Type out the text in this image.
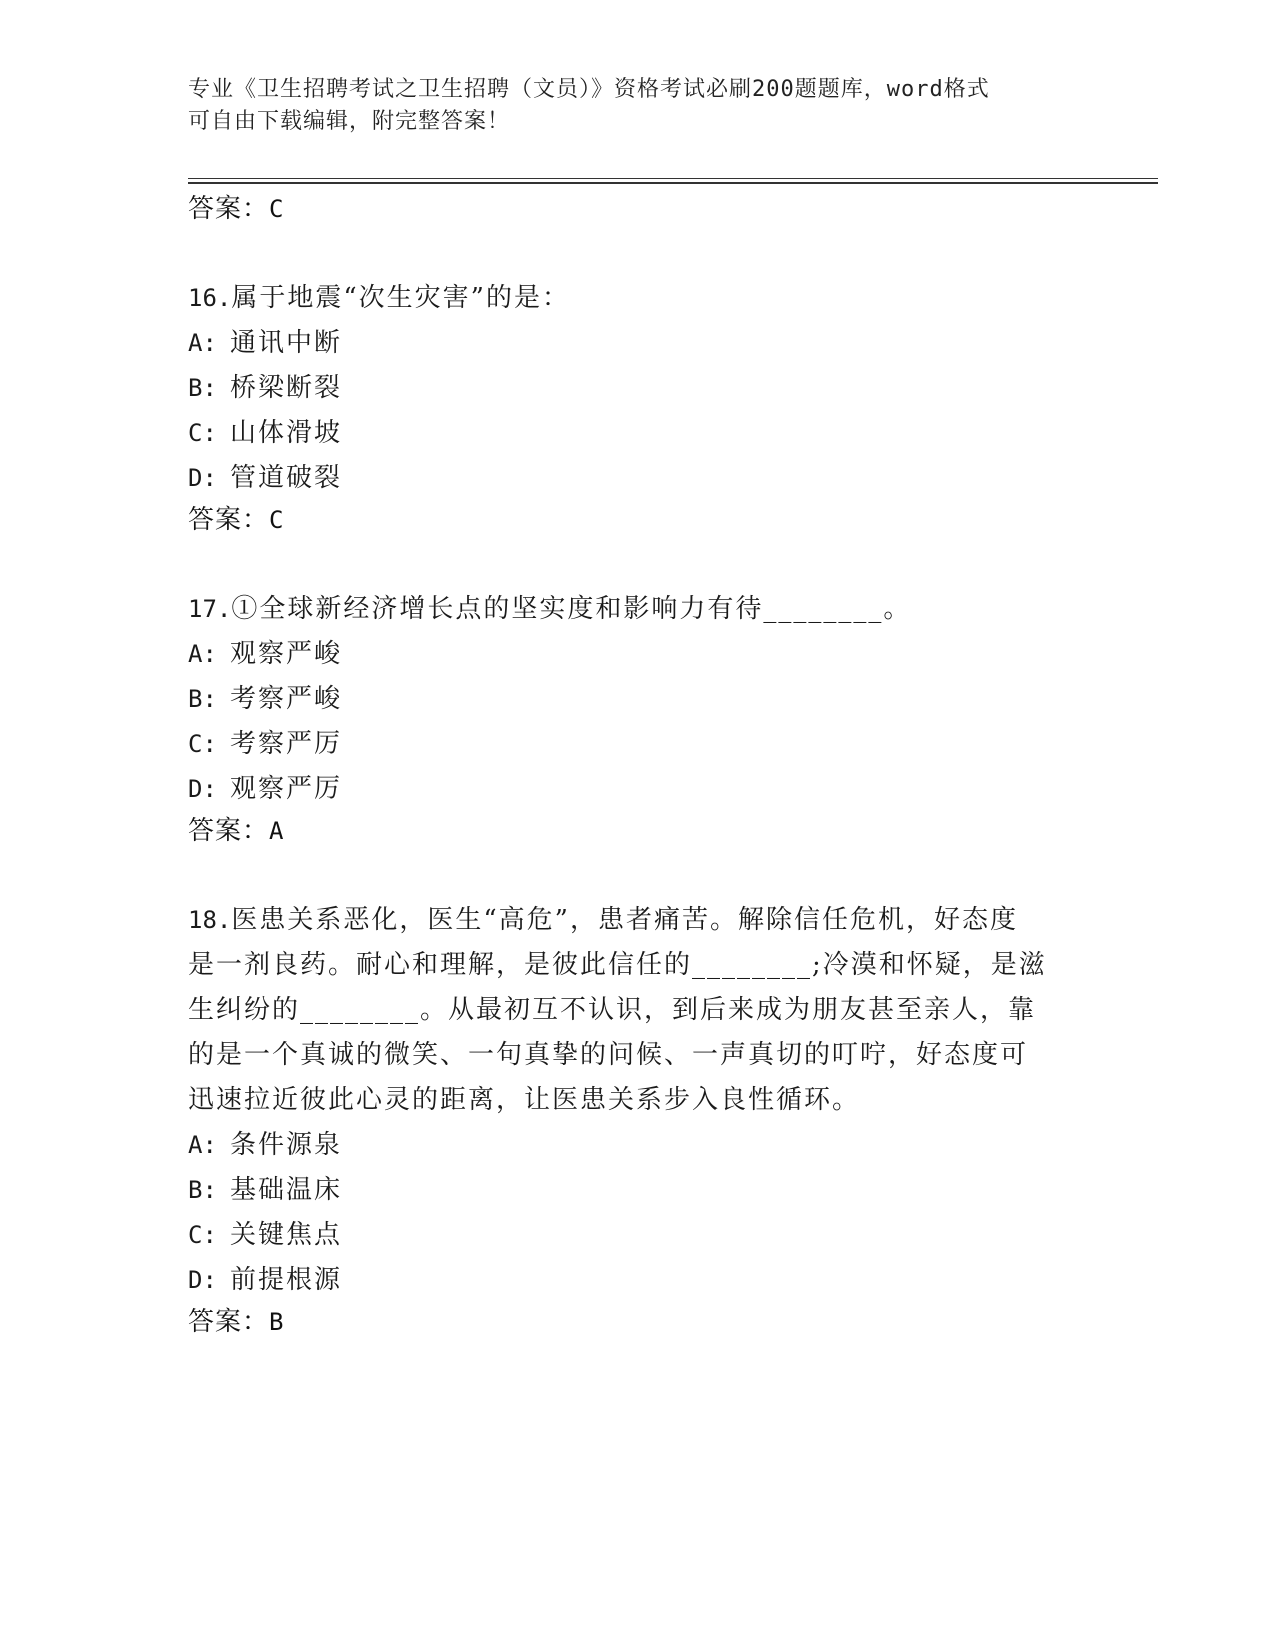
专业《卫生招聘考试之卫生招聘（文员）》资格考试必刷200题题库，word格式
可自由下载编辑，附完整答案！
答案：C

16.属于地震“次生灾害”的是：

A: 通讯中断

B: 桥梁断裂

C: 山体滑坡

D: 管道破裂

答案：C

17.①全球新经济增长点的坚实度和影响力有待________。

A: 观察严峻

B: 考察严峻

C: 考察严厉

D: 观察严厉

答案：A

18.医患关系恶化，医生“高危”，患者痛苦。解除信任危机，好态度

是一剂良药。耐心和理解，是彼此信任的________;冷漠和怀疑，是滋

生纠纷的________。从最初互不认识，到后来成为朋友甚至亲人，靠

的是一个真诚的微笑、一句真挚的问候、一声真切的叮咛，好态度可

迅速拉近彼此心灵的距离，让医患关系步入良性循环。

A: 条件源泉

B: 基础温床

C: 关键焦点

D: 前提根源

答案：B
